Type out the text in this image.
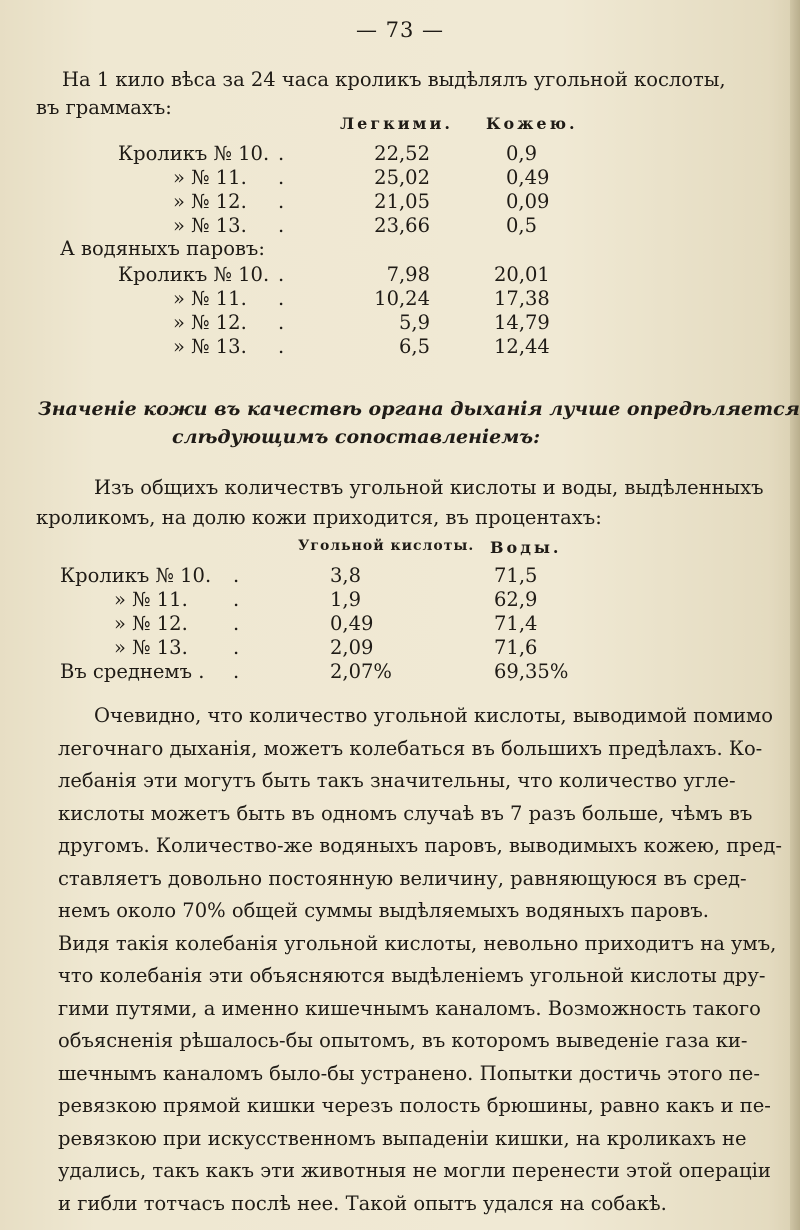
— 73 —
На 1 кило вѣса за 24 часа кроликъ выдѣлялъ угольной кослоты,
въ граммахъ:
Легкими. Кожею.
Кроликъ № 10. .	22,52	0,9
» № 11. .	25,02	0,49
» № 12. .	21,05	0,09
» № 13. .	23,66	0,5
А водяныхъ паровъ:
Кроликъ № 10. .	7,98	20,01
» № 11. .	10,24	17,38
» № 12. .	5,9	14,79
» № 13. .	6,5	12,44
Значеніе кожи въ качествѣ органа дыханія лучше опредѣляется
слѣдующимъ сопоставленіемъ:
Изъ общихъ количествъ угольной кислоты и воды, выдѣленныхъ
кроликомъ, на долю кожи приходится, въ процентахъ:
Угольной кислоты. Воды.
Кроликъ № 10. .	3,8	71,5
» № 11. .	1,9	62,9
» № 12. .	0,49	71,4
» № 13. .	2,09	71,6
Въ среднемъ . .	2,07%	69,35%
Очевидно, что количество угольной кислоты, выводимой помимо
легочнаго дыханія, можетъ колебаться въ большихъ предѣлахъ. Ко-
лебанія эти могутъ быть такъ значительны, что количество угле-
кислоты можетъ быть въ одномъ случаѣ въ 7 разъ больше, чѣмъ въ
другомъ. Количество-же водяныхъ паровъ, выводимыхъ кожею, пред-
ставляетъ довольно постоянную величину, равняющуюся въ сред-
немъ около 70% общей суммы выдѣляемыхъ водяныхъ паровъ.
Видя такія колебанія угольной кислоты, невольно приходитъ на умъ,
что колебанія эти объясняются выдѣленіемъ угольной кислоты дру-
гими путями, а именно кишечнымъ каналомъ. Возможность такого
объясненія рѣшалось-бы опытомъ, въ которомъ выведеніе газа ки-
шечнымъ каналомъ было-бы устранено. Попытки достичь этого пе-
ревязкою прямой кишки черезъ полость брюшины, равно какъ и пе-
ревязкою при искусственномъ выпаденіи кишки, на кроликахъ не
удались, такъ какъ эти животныя не могли перенести этой операціи
и гибли тотчасъ послѣ нее. Такой опытъ удался на собакѣ.
